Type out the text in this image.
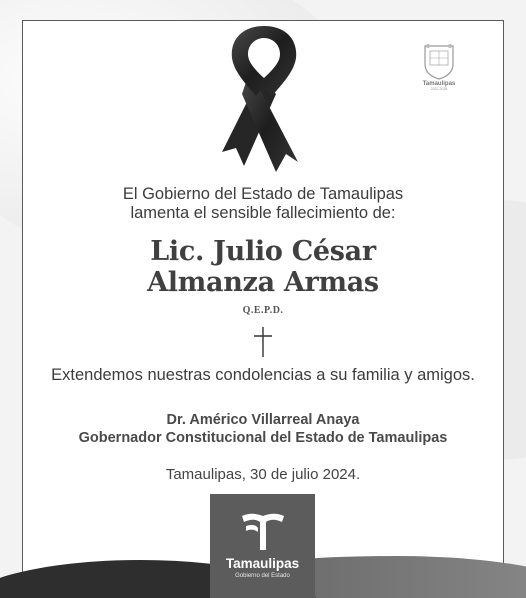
Tamaulipas
2022-2028
El Gobierno del Estado de Tamaulipas
lamenta el sensible fallecimiento de:
Lic. Julio César
Almanza Armas
Q.E.P.D.
Extendemos nuestras condolencias a su familia y amigos.
Dr. Américo Villarreal Anaya
Gobernador Constitucional del Estado de Tamaulipas
Tamaulipas, 30 de julio 2024.
Tamaulipas
Gobierno del Estado
